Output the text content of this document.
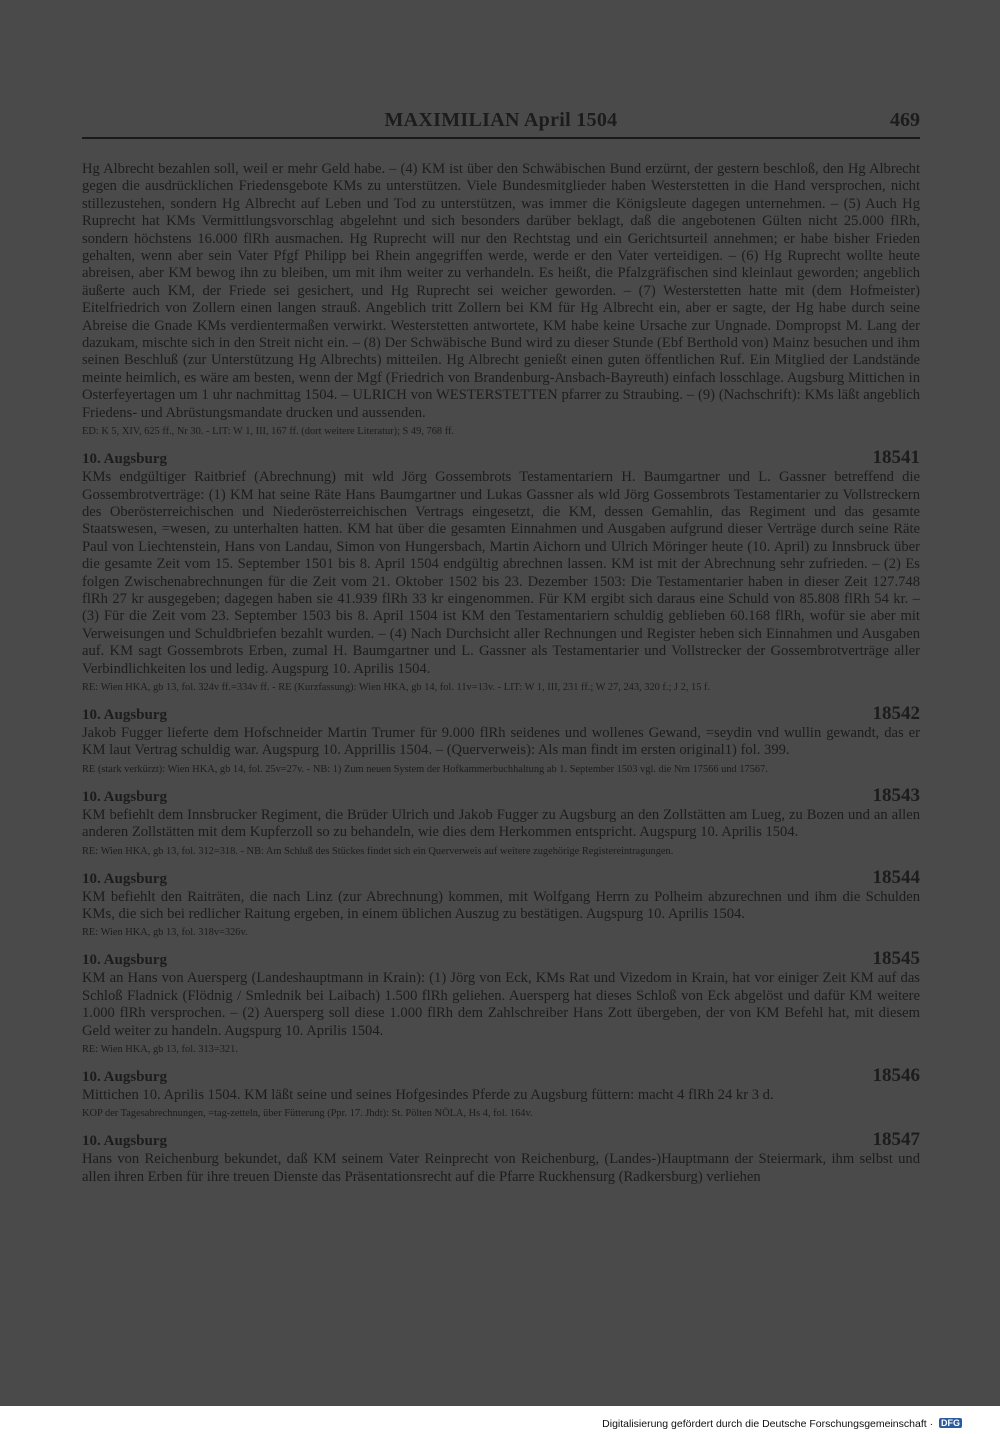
MAXIMILIAN April 1504	469

Hg Albrecht bezahlen soll, weil er mehr Geld habe. – (4) KM ist über den Schwäbischen Bund erzürnt, der gestern beschloß, den Hg Albrecht gegen die ausdrücklichen Friedensgebote KMs zu unterstützen. Viele Bundesmitglieder haben Westerstetten in die Hand versprochen, nicht stillezustehen, sondern Hg Albrecht auf Leben und Tod zu unterstützen, was immer die Königsleute dagegen unternehmen. – (5) Auch Hg Ruprecht hat KMs Vermittlungsvorschlag abgelehnt und sich besonders darüber beklagt, daß die angebotenen Gülten nicht 25.000 flRh, sondern höchstens 16.000 flRh ausmachen. Hg Ruprecht will nur den Rechtstag und ein Gerichtsurteil annehmen; er habe bisher Frieden gehalten, wenn aber sein Vater Pfgf Philipp bei Rhein angegriffen werde, werde er den Vater verteidigen. – (6) Hg Ruprecht wollte heute abreisen, aber KM bewog ihn zu bleiben, um mit ihm weiter zu verhandeln. Es heißt, die Pfalzgräfischen sind kleinlaut geworden; angeblich äußerte auch KM, der Friede sei gesichert, und Hg Ruprecht sei weicher geworden. – (7) Westerstetten hatte mit (dem Hofmeister) Eitelfriedrich von Zollern einen langen strauß. Angeblich tritt Zollern bei KM für Hg Albrecht ein, aber er sagte, der Hg habe durch seine Abreise die Gnade KMs verdientermaßen verwirkt. Westerstetten antwortete, KM habe keine Ursache zur Ungnade. Dompropst M. Lang der dazukam, mischte sich in den Streit nicht ein. – (8) Der Schwäbische Bund wird zu dieser Stunde (Ebf Berthold von) Mainz besuchen und ihm seinen Beschluß (zur Unterstützung Hg Albrechts) mitteilen. Hg Albrecht genießt einen guten öffentlichen Ruf. Ein Mitglied der Landstände meinte heimlich, es wäre am besten, wenn der Mgf (Friedrich von Brandenburg-Ansbach-Bayreuth) einfach losschlage. Augsburg Mittichen in Osterfeyertagen um 1 uhr nachmittag 1504. – ULRICH von WESTERSTETTEN pfarrer zu Straubing. – (9) (Nachschrift): KMs läßt angeblich Friedens- und Abrüstungsmandate drucken und aussenden.

ED: K 5, XIV, 625 ff., Nr 30. - LIT: W 1, III, 167 ff. (dort weitere Literatur); S 49, 768 ff.

10. Augsburg	18541

KMs endgültiger Raitbrief (Abrechnung) mit wld Jörg Gossembrots Testamentariern H. Baumgartner und L. Gassner betreffend die Gossembrotverträge: (1) KM hat seine Räte Hans Baumgartner und Lukas Gassner als wld Jörg Gossembrots Testamentarier zu Vollstreckern des Oberösterreichischen und Niederösterreichischen Vertrags eingesetzt, die KM, dessen Gemahlin, das Regiment und das gesamte Staatswesen, =wesen, zu unterhalten hatten. KM hat über die gesamten Einnahmen und Ausgaben aufgrund dieser Verträge durch seine Räte Paul von Liechtenstein, Hans von Landau, Simon von Hungersbach, Martin Aichorn und Ulrich Möringer heute (10. April) zu Innsbruck über die gesamte Zeit vom 15. September 1501 bis 8. April 1504 endgültig abrechnen lassen. KM ist mit der Abrechnung sehr zufrieden. – (2) Es folgen Zwischenabrechnungen für die Zeit vom 21. Oktober 1502 bis 23. Dezember 1503: Die Testamentarier haben in dieser Zeit 127.748 flRh 27 kr ausgegeben; dagegen haben sie 41.939 flRh 33 kr eingenommen. Für KM ergibt sich daraus eine Schuld von 85.808 flRh 54 kr. – (3) Für die Zeit vom 23. September 1503 bis 8. April 1504 ist KM den Testamentariern schuldig geblieben 60.168 flRh, wofür sie aber mit Verweisungen und Schuldbriefen bezahlt wurden. – (4) Nach Durchsicht aller Rechnungen und Register heben sich Einnahmen und Ausgaben auf. KM sagt Gossembrots Erben, zumal H. Baumgartner und L. Gassner als Testamentarier und Vollstrecker der Gossembrotverträge aller Verbindlichkeiten los und ledig. Augspurg 10. Aprilis 1504.

RE: Wien HKA, gb 13, fol. 324v ff.=334v ff. - RE (Kurzfassung): Wien HKA, gb 14, fol. 11v=13v. - LIT: W 1, III, 231 ff.; W 27, 243, 320 f.; J 2, 15 f.

10. Augsburg	18542

Jakob Fugger lieferte dem Hofschneider Martin Trumer für 9.000 flRh seidenes und wollenes Gewand, =seydin vnd wullin gewandt, das er KM laut Vertrag schuldig war. Augspurg 10. Apprillis 1504. – (Querverweis): Als man findt im ersten original1) fol. 399.

RE (stark verkürzt): Wien HKA, gb 14, fol. 25v=27v. - NB: 1) Zum neuen System der Hofkammerbuchhaltung ab 1. September 1503 vgl. die Nrn 17566 und 17567.

10. Augsburg	18543

KM befiehlt dem Innsbrucker Regiment, die Brüder Ulrich und Jakob Fugger zu Augsburg an den Zollstätten am Lueg, zu Bozen und an allen anderen Zollstätten mit dem Kupferzoll so zu behandeln, wie dies dem Herkommen entspricht. Augspurg 10. Aprilis 1504.

RE: Wien HKA, gb 13, fol. 312=318. - NB: Am Schluß des Stückes findet sich ein Querverweis auf weitere zugehörige Registereintragungen.

10. Augsburg	18544

KM befiehlt den Raiträten, die nach Linz (zur Abrechnung) kommen, mit Wolfgang Herrn zu Polheim abzurechnen und ihm die Schulden KMs, die sich bei redlicher Raitung ergeben, in einem üblichen Auszug zu bestätigen. Augspurg 10. Aprilis 1504.

RE: Wien HKA, gb 13, fol. 318v=326v.

10. Augsburg	18545

KM an Hans von Auersperg (Landeshauptmann in Krain): (1) Jörg von Eck, KMs Rat und Vizedom in Krain, hat vor einiger Zeit KM auf das Schloß Fladnick (Flödnig / Smlednik bei Laibach) 1.500 flRh geliehen. Auersperg hat dieses Schloß von Eck abgelöst und dafür KM weitere 1.000 flRh versprochen. – (2) Auersperg soll diese 1.000 flRh dem Zahlschreiber Hans Zott übergeben, der von KM Befehl hat, mit diesem Geld weiter zu handeln. Augspurg 10. Aprilis 1504.

RE: Wien HKA, gb 13, fol. 313=321.

10. Augsburg	18546

Mittichen 10. Aprilis 1504. KM läßt seine und seines Hofgesindes Pferde zu Augsburg füttern: macht 4 flRh 24 kr 3 d.

KOP der Tagesabrechnungen, =tag-zetteln, über Fütterung (Ppr. 17. Jhdt): St. Pölten NÖLA, Hs 4, fol. 164v.

10. Augsburg	18547

Hans von Reichenburg bekundet, daß KM seinem Vater Reinprecht von Reichenburg, (Landes-)Hauptmann der Steiermark, ihm selbst und allen ihren Erben für ihre treuen Dienste das Präsentationsrecht auf die Pfarre Ruckhensurg (Radkersburg) verliehen

Digitalisierung gefördert durch die Deutsche Forschungsgemeinschaft · DFG
